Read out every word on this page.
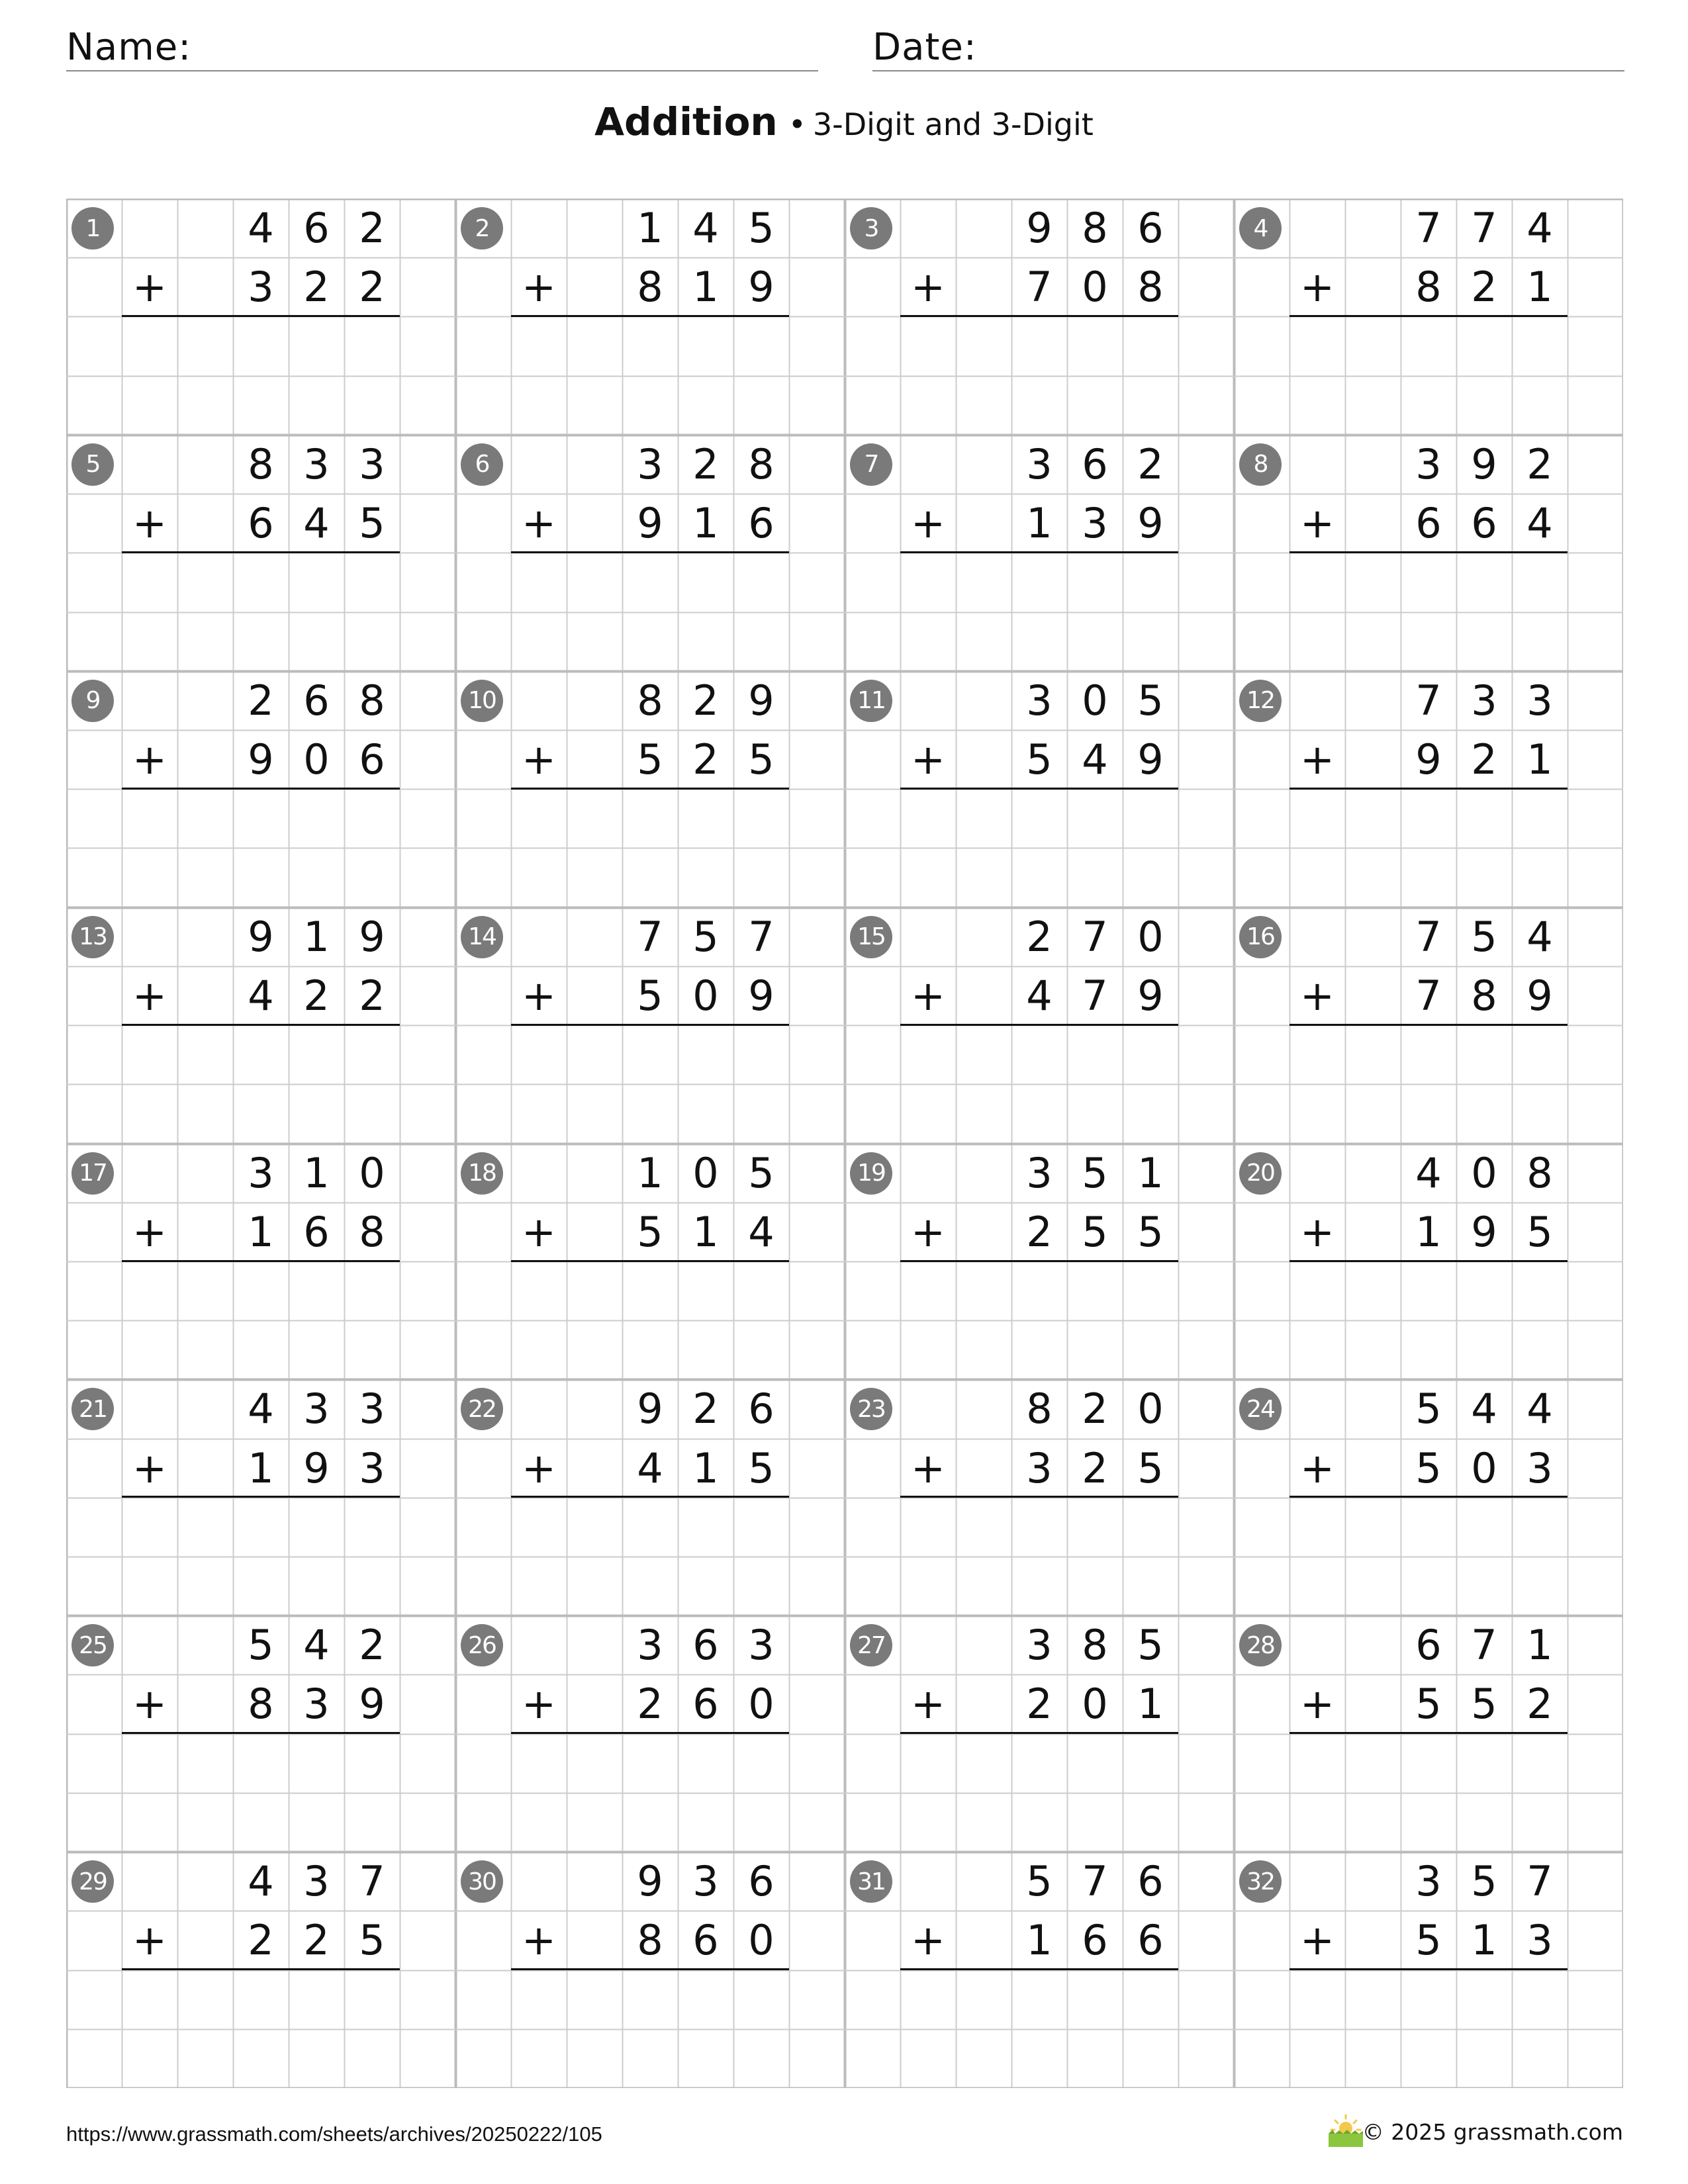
Name:	Date:
Addition • 3-Digit and 3-Digit
1	4
3
6
2
2
2
+
2	1
8
4
1
5
9
+
3	9
7
8
0
6
8
+
4	7
8
7
2
4
1
+
5	8
6
3
4
3
5
+
6	3
9
2
1
8
6
+
7	3
1
6
3
2
9
+
8	3
6
9
6
2
4
+
9	2
9
6
0
8
6
+
10	8
5
2
2
9
5
+
11	3
5
0
4
5
9
+
12	7
9
3
2
3
1
+
13	9
4
1
2
9
2
+
14	7
5
5
0
7
9
+
15	2
4
7
7
0
9
+
16	7
7
5
8
4
9
+
17	3
1
1
6
0
8
+
18	1
5
0
1
5
4
+
19	3
2
5
5
1
5
+
20	4
1
0
9
8
5
+
21	4
1
3
9
3
3
+
22	9
4
2
1
6
5
+
23	8
3
2
2
0
5
+
24	5
5
4
0
4
3
+
25	5
8
4
3
2
9
+
26	3
2
6
6
3
0
+
27	3
2
8
0
5
1
+
28	6
5
7
5
1
2
+
29	4
2
3
2
7
5
+
30	9
8
3
6
6
0
+
31	5
1
7
6
6
6
+
32	3
5
5
1
7
3
+
https://www.grassmath.com/sheets/archives/20250222/105	© 2025 grassmath.com
